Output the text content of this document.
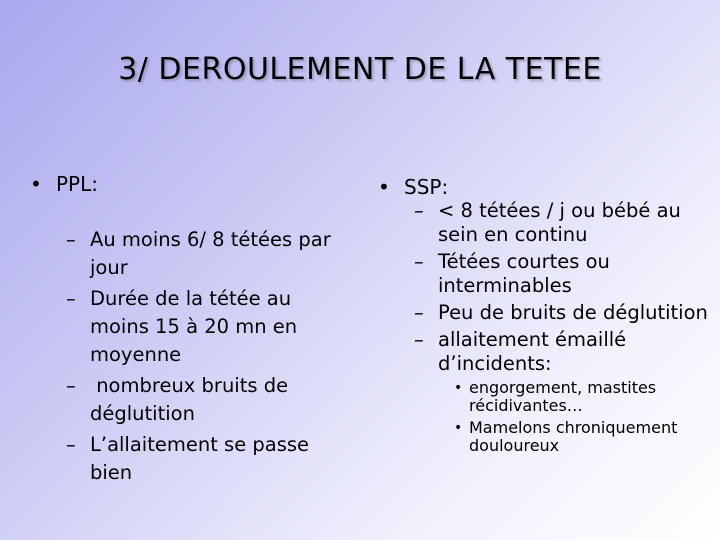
3/ DEROULEMENT DE LA TETEE
• PPL:
– Au moins 6/ 8 tétées par jour
– Durée de la tétée au moins 15 à 20 mn en moyenne
– nombreux bruits de déglutition
– L’allaitement se passe bien
• SSP:
– < 8 tétées / j ou bébé au sein en continu
– Tétées courtes ou interminables
– Peu de bruits de déglutition
– allaitement émaillé d’incidents:
• engorgement, mastites récidivantes…
• Mamelons chroniquement douloureux
